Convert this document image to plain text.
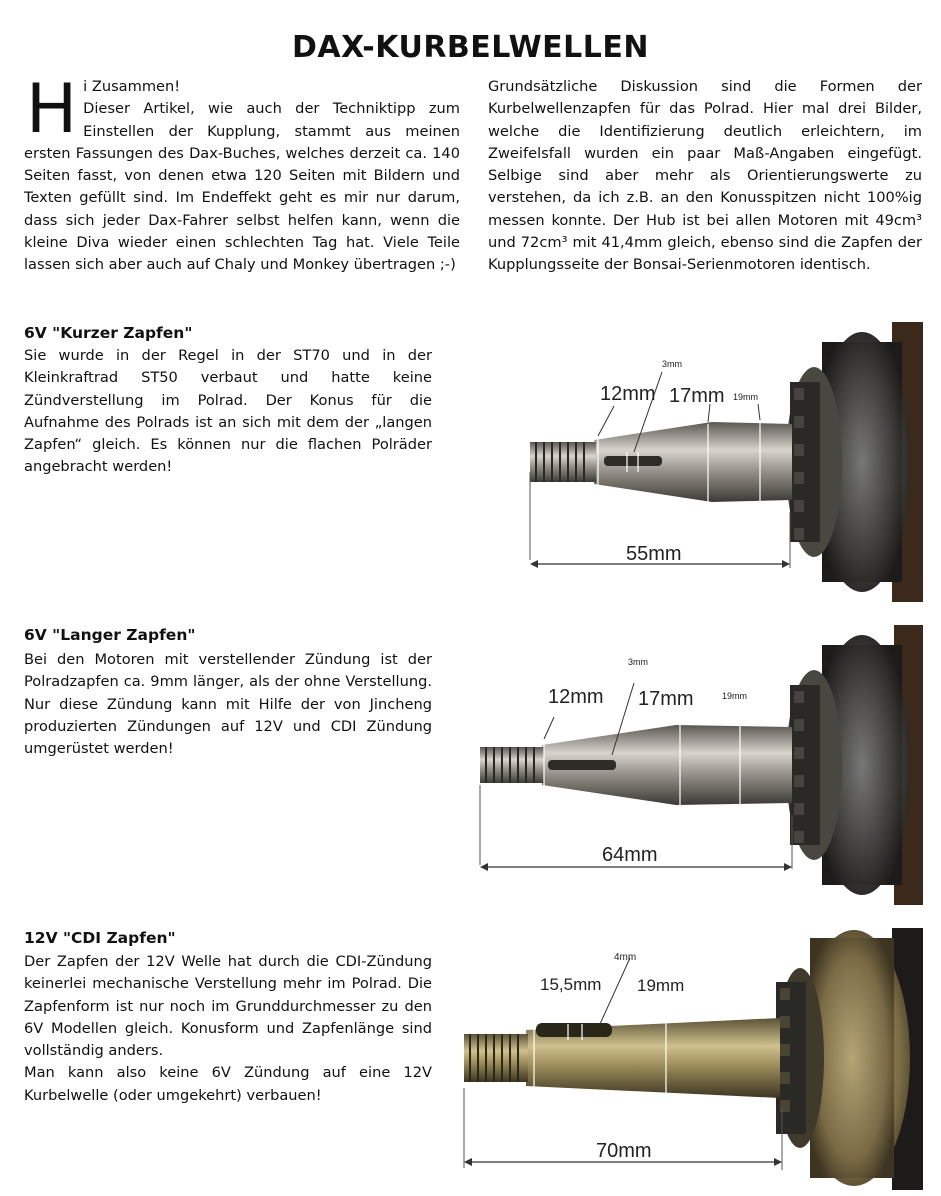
DAX-KURBELWELLEN
H i Zusammen!
Dieser Artikel, wie auch der Techniktipp zum Einstellen der Kupplung, stammt aus meinen ersten Fassungen des Dax-Buches, welches derzeit ca. 140 Seiten fasst, von denen etwa 120 Seiten mit Bildern und Texten gefüllt sind. Im Endeffekt geht es mir nur darum, dass sich jeder Dax-Fahrer selbst helfen kann, wenn die kleine Diva wieder einen schlechten Tag hat. Viele Teile lassen sich aber auch auf Chaly und Monkey übertragen ;-)

Grundsätzliche Diskussion sind die Formen der Kurbelwellenzapfen für das Polrad. Hier mal drei Bilder, welche die Identifizierung deutlich erleichtern, im Zweifelsfall wurden ein paar Maß-Angaben eingefügt. Selbige sind aber mehr als Orientierungswerte zu verstehen, da ich z.B. an den Konusspitzen nicht 100%ig messen konnte. Der Hub ist bei allen Motoren mit 49cm³ und 72cm³ mit 41,4mm gleich, ebenso sind die Zapfen der Kupplungsseite der Bonsai-Serienmotoren identisch.

6V "Kurzer Zapfen"

Sie wurde in der Regel in der ST70 und in der Kleinkraftrad ST50 verbaut und hatte keine Zündverstellung im Polrad. Der Konus für die Aufnahme des Polrads ist an sich mit dem der „langen Zapfen“ gleich. Es können nur die flachen Polräder angebracht werden!

6V "Langer Zapfen"

Bei den Motoren mit verstellender Zündung ist der Polradzapfen ca. 9mm länger, als der ohne Verstellung. Nur diese Zündung kann mit Hilfe der von Jincheng produzierten Zündungen auf 12V und CDI Zündung umgerüstet werden!

12V "CDI Zapfen"

Der Zapfen der 12V Welle hat durch die CDI-Zündung keinerlei mechanische Verstellung mehr im Polrad. Die Zapfenform ist nur noch im Grunddurchmesser zu den 6V Modellen gleich. Konusform und Zapfenlänge sind vollständig anders.

Man kann also keine 6V Zündung auf eine 12V Kurbelwelle (oder umgekehrt) verbauen!

12mm 17mm 19mm
3mm
55mm
12mm 17mm	19mm
3mm
64mm
15,5mm 19mm
4mm
70mm
